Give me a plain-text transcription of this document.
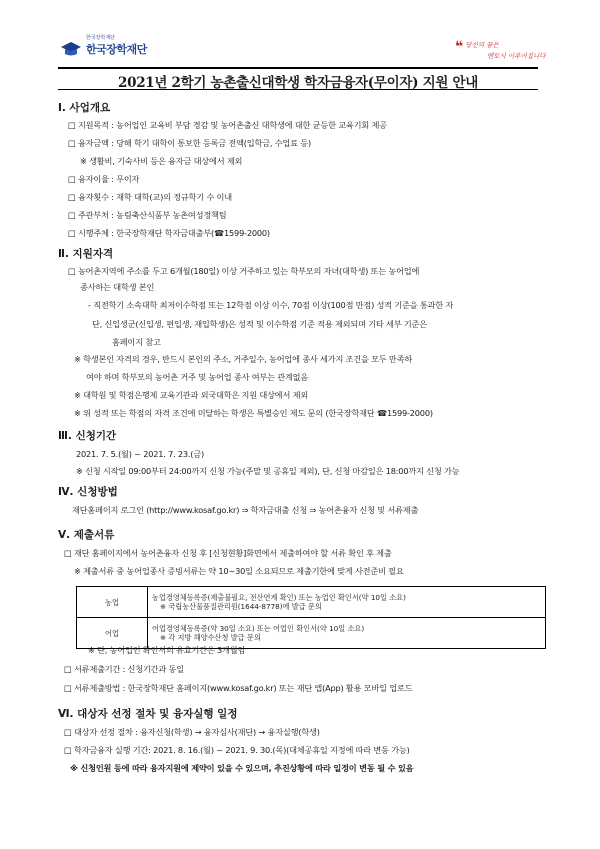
한국장학재단
한국장학재단	❝ 당신의 꿈은
멘토시 이루어집니다
2021년 2학기 농촌출신대학생 학자금융자(무이자) 지원 안내
Ⅰ. 사업개요
□ 지원목적 : 농어업인 교육비 부담 경감 및 농어촌출신 대학생에 대한 균등한 교육기회 제공
□ 융자금액 : 당해 학기 대학이 통보한 등록금 전액(입학금, 수업료 등)
※ 생활비, 기숙사비 등은 융자금 대상에서 제외
□ 융자이율 : 무이자
□ 융자횟수 : 재학 대학(교)의 정규학기 수 이내
□ 주관부처 : 농림축산식품부 농촌여성정책팀
□ 시행주체 : 한국장학재단 학자금대출부(☎1599-2000)
Ⅱ. 지원자격
□ 농어촌지역에 주소를 두고 6개월(180일) 이상 거주하고 있는 학부모의 자녀(대학생) 또는 농어업에
종사하는 대학생 본인
- 직전학기 소속대학 최저이수학점 또는 12학점 이상 이수, 70점 이상(100점 만점) 성적 기준을 통과한 자
단, 신입생군(신입생, 편입생, 재입학생)은 성적 및 이수학점 기준 적용 제외되며 기타 세부 기준은
홈페이지 참고
※ 학생본인 자격의 경우, 반드시 본인의 주소, 거주일수, 농어업에 종사 세가지 조건을 모두 만족하
여야 하며 학부모의 농어촌 거주 및 농어업 종사 여부는 관계없음
※ 대학원 및 학점은행제 교육기관과 외국대학은 지원 대상에서 제외
※ 위 성적 또는 학점의 자격 조건에 미달하는 학생은 특별승인 제도 문의 (한국장학재단 ☎1599-2000)
Ⅲ. 신청기간
2021. 7. 5.(월) ~ 2021. 7. 23.(금)
※ 신청 시작일 09:00부터 24:00까지 신청 가능(주말 및 공휴일 제외), 단, 신청 마감일은 18:00까지 신청 가능
Ⅳ. 신청방법
재단홈페이지 로그인 (http://www.kosaf.go.kr) ⇒ 학자금대출 신청 ⇒ 농어촌융자 신청 및 서류제출
Ⅴ. 제출서류
□ 재단 홈페이지에서 농어촌융자 신청 후 [신청현황]화면에서 제출하여야 할 서류 확인 후 제출
※ 제출서류 중 농어업종사 증빙서류는 약 10~30일 소요되므로 제출기한에 맞게 사전준비 필요
농업	농업경영체등록증(제출불필요, 전산연계 확인) 또는 농업인 확인서(약 10일 소요)
※ 국립농산물품질관리원(1644-8778)에 발급 문의

어업	어업경영체등록증(약 30일 소요) 또는 어업인 확인서(약 10일 소요)
※ 각 지방 해양수산청 발급 문의
※ 단, 농어업인 확인서의 유효기간은 3개월임
□ 서류제출기간 : 신청기간과 동일
□ 서류제출방법 : 한국장학재단 홈페이지(www.kosaf.go.kr) 또는 재단 앱(App) 활용 모바일 업로드
Ⅵ. 대상자 선정 절차 및 융자실행 일정
□ 대상자 선정 절차 : 융자신청(학생) → 융자심사(재단) → 융자실행(학생)
□ 학자금융자 실행 기간: 2021. 8. 16.(월) ~ 2021. 9. 30.(목)(대체공휴일 지정에 따라 변동 가능)
※ 신청인원 등에 따라 융자지원에 제약이 있을 수 있으며, 추진상황에 따라 일정이 변동 될 수 있음
